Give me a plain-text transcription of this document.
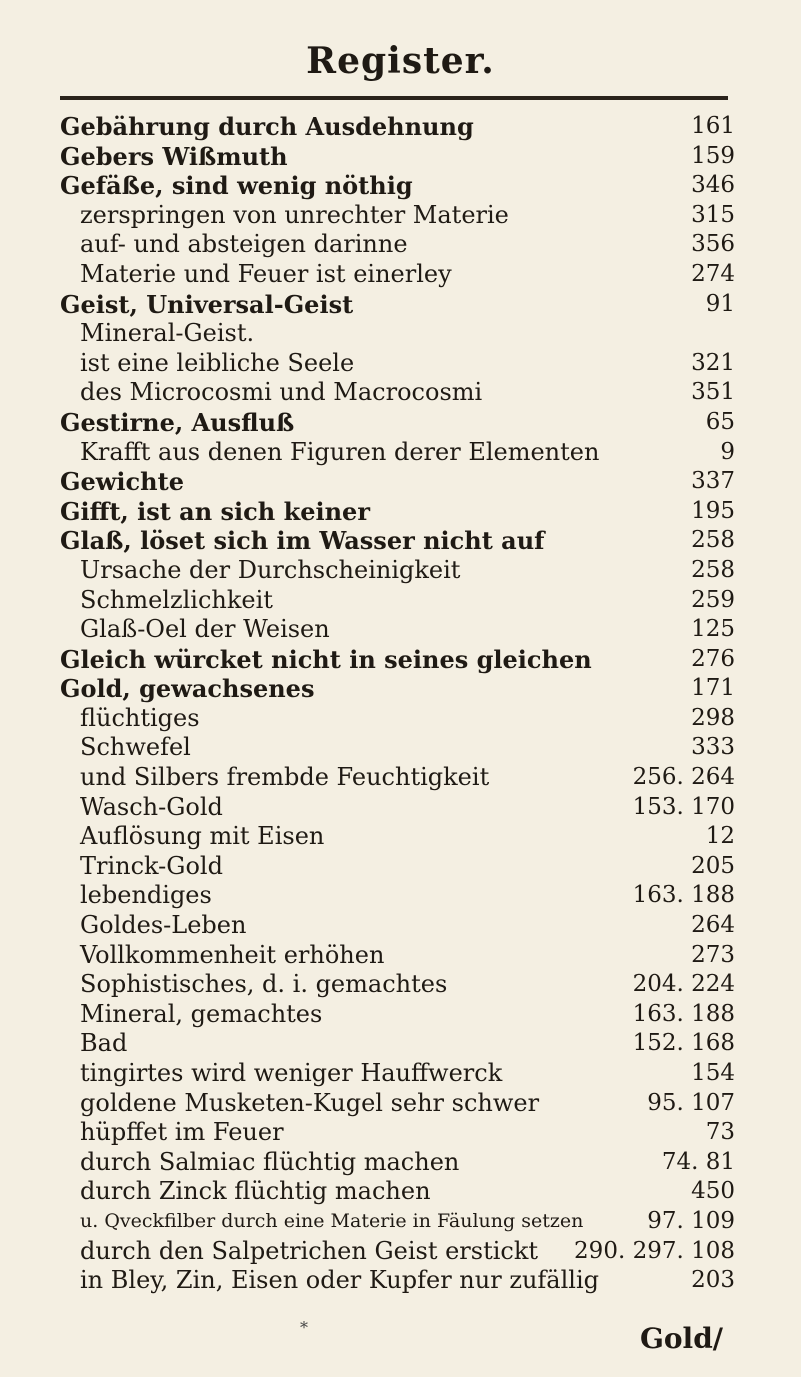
Register.
Gebährung durch Ausdehnung	161
Gebers Wißmuth	159
Gefäße, sind wenig nöthig	346
zerspringen von unrechter Materie	315
auf- und absteigen darinne	356
Materie und Feuer ist einerley	274
Geist, Universal-Geist	91
Mineral-Geist.
ist eine leibliche Seele	321
des Microcosmi und Macrocosmi	351
Gestirne, Ausfluß	65
Krafft aus denen Figuren derer Elementen	9
Gewichte	337
Gifft, ist an sich keiner	195
Glaß, löset sich im Wasser nicht auf	258
Ursache der Durchscheinigkeit	258
Schmelzlichkeit	259
Glaß-Oel der Weisen	125
Gleich würcket nicht in seines gleichen	276
Gold, gewachsenes	171
flüchtiges	298
Schwefel	333
und Silbers frembde Feuchtigkeit	256. 264
Wasch-Gold	153. 170
Auflösung mit Eisen	12
Trinck-Gold	205
lebendiges	163. 188
Goldes-Leben	264
Vollkommenheit erhöhen	273
Sophistisches, d. i. gemachtes	204. 224
Mineral, gemachtes	163. 188
Bad	152. 168
tingirtes wird weniger Hauffwerck	154
goldene Musketen-Kugel sehr schwer	95. 107
hüpffet im Feuer	73
durch Salmiac flüchtig machen	74. 81
durch Zinck flüchtig machen	450
u. Qveckfilber durch eine Materie in Fäulung setzen	97. 109
durch den Salpetrichen Geist erstickt 290. 297. 108
in Bley, Zin, Eisen oder Kupfer nur zufällig	203
*	Gold/
